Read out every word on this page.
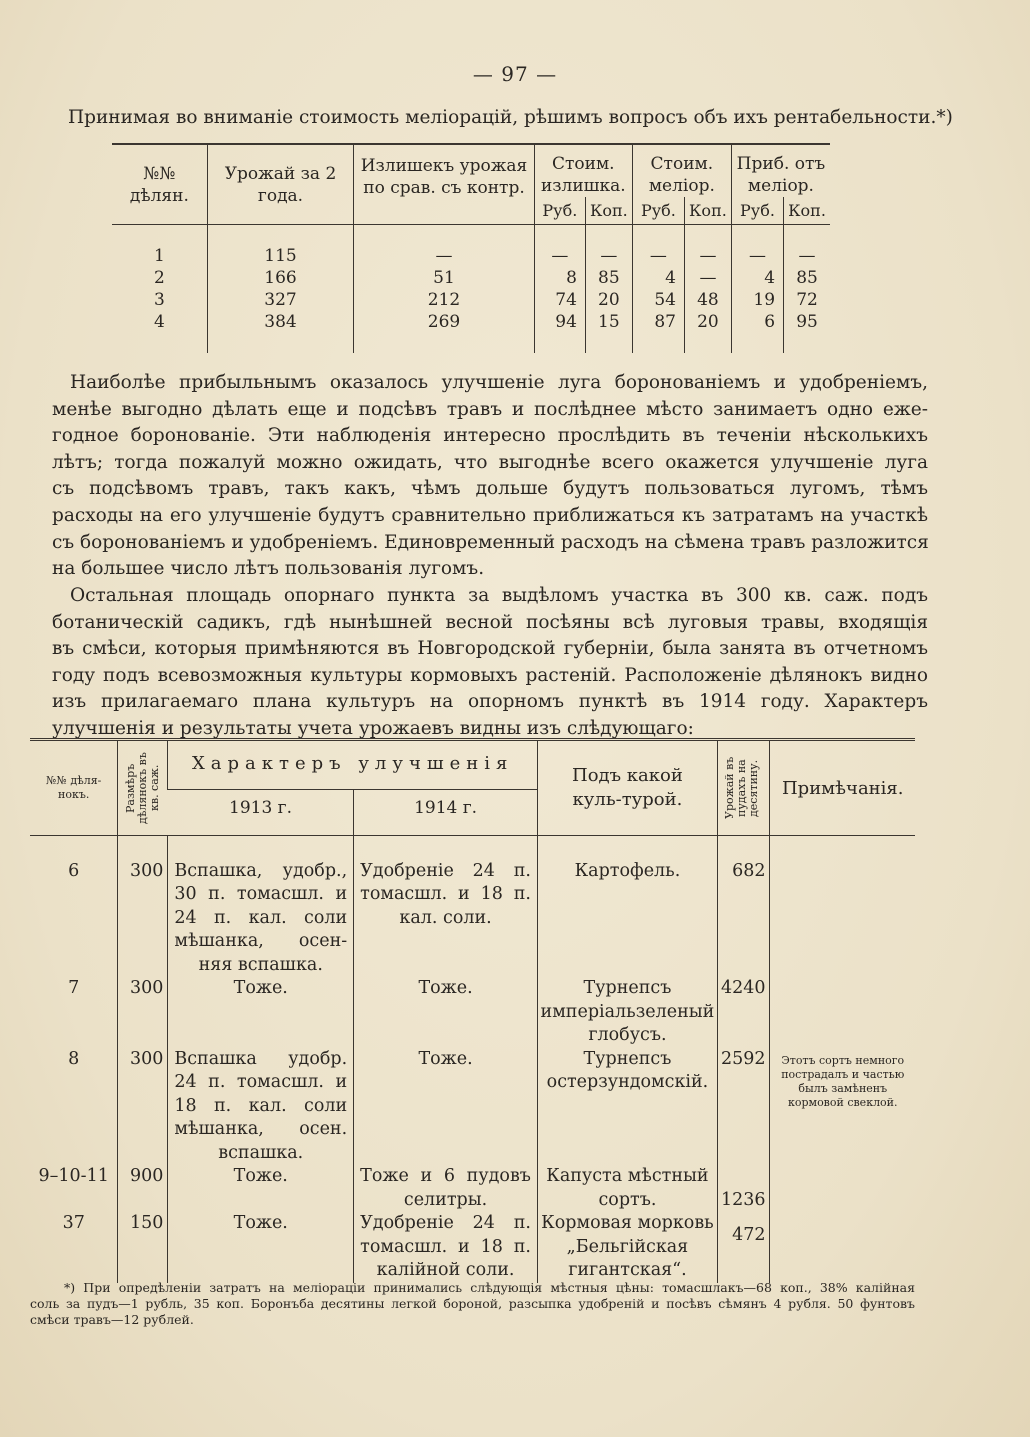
— 97 —
Принимая во вниманіе стоимость меліорацій, рѣшимъ вопросъ объ ихъ рентабельности.*)
№№ дѣлян.	Урожай за 2 года.	Излишекъ урожая по срав. съ контр.	Стоим. излишка.		Стоим. меліор.		Приб. отъ меліор.	
			Руб.	Коп.	Руб.	Коп.	Руб.	Коп.

1	115	—	—	—	—	—	—	—
2	166	51	8	85	4	—	4	85
3	327	212	74	20	54	48	19	72
4	384	269	94	15	87	20	6	95

Наиболѣе прибыльнымъ оказалось улучшеніе луга боронованіемъ и удобреніемъ,
менѣе выгодно дѣлать еще и подсѣвъ травъ и послѣднее мѣсто занимаетъ одно еже-
годное боронованіе. Эти наблюденія интересно прослѣдить въ теченіи нѣсколькихъ
лѣтъ; тогда пожалуй можно ожидать, что выгоднѣе всего окажется улучшеніе луга
съ подсѣвомъ травъ, такъ какъ, чѣмъ дольше будутъ пользоваться лугомъ, тѣмъ
расходы на его улучшеніе будутъ сравнительно приближаться къ затратамъ на участкѣ
съ боронованіемъ и удобреніемъ. Единовременный расходъ на сѣмена травъ разложится
на большее число лѣтъ пользованія лугомъ.
Остальная площадь опорнаго пункта за выдѣломъ участка въ 300 кв. саж. подъ
ботаническій садикъ, гдѣ нынѣшней весной посѣяны всѣ луговыя травы, входящія
въ смѣси, которыя примѣняются въ Новгородской губерніи, была занята въ отчетномъ
году подъ всевозможныя культуры кормовыхъ растеній. Расположеніе дѣлянокъ видно
изъ прилагаемаго плана культуръ на опорномъ пунктѣ въ 1914 году. Характеръ
улучшенія и результаты учета урожаевъ видны изъ слѣдующаго:
№№ дѣля-нокъ.	Размѣръ дѣлянокъ въ кв. саж.	Характеръ улучшенія		Подъ какой куль-турой.	Урожай въ пудахъ на десятину.	Примѣчанія.
		1913 г.	1914 г.			

6	300	Вспашка, удобр., 30 п. томасшл. и 24 п. кал. соли мѣшанка, осен-няя вспашка.	Удобреніе 24 п. томасшл. и 18 п. кал. соли.	Картофель.	682	
7	300	Тоже.	Тоже.	Турнепсъ имперіальзеленый глобусъ.	4240	
8	300	Вспашка удобр. 24 п. томасшл. и 18 п. кал. соли мѣшанка, осен. вспашка.	Тоже.	Турнепсъ остерзундомскій.	2592	Этотъ сортъ немного пострадалъ и частью былъ замѣненъ кормовой свеклой.
9–10-11	900	Тоже.	Тоже и 6 пудовъ селитры.	Капуста мѣстный сортъ.	1236	
37	150	Тоже.	Удобреніе 24 п. томасшл. и 18 п. калійной соли.	Кормовая морковь „Бельгійская гигантская“.	472	
*) При опредѣленіи затратъ на меліораціи принимались слѣдующія мѣстныя цѣны: томасшлакъ—68 коп., 38% калійная
соль за пудъ—1 рубль, 35 коп. Боронъба десятины легкой бороной, разсыпка удобреній и посѣвъ сѣмянъ 4 рубля. 50 фунтовъ
смѣси травъ—12 рублей.
